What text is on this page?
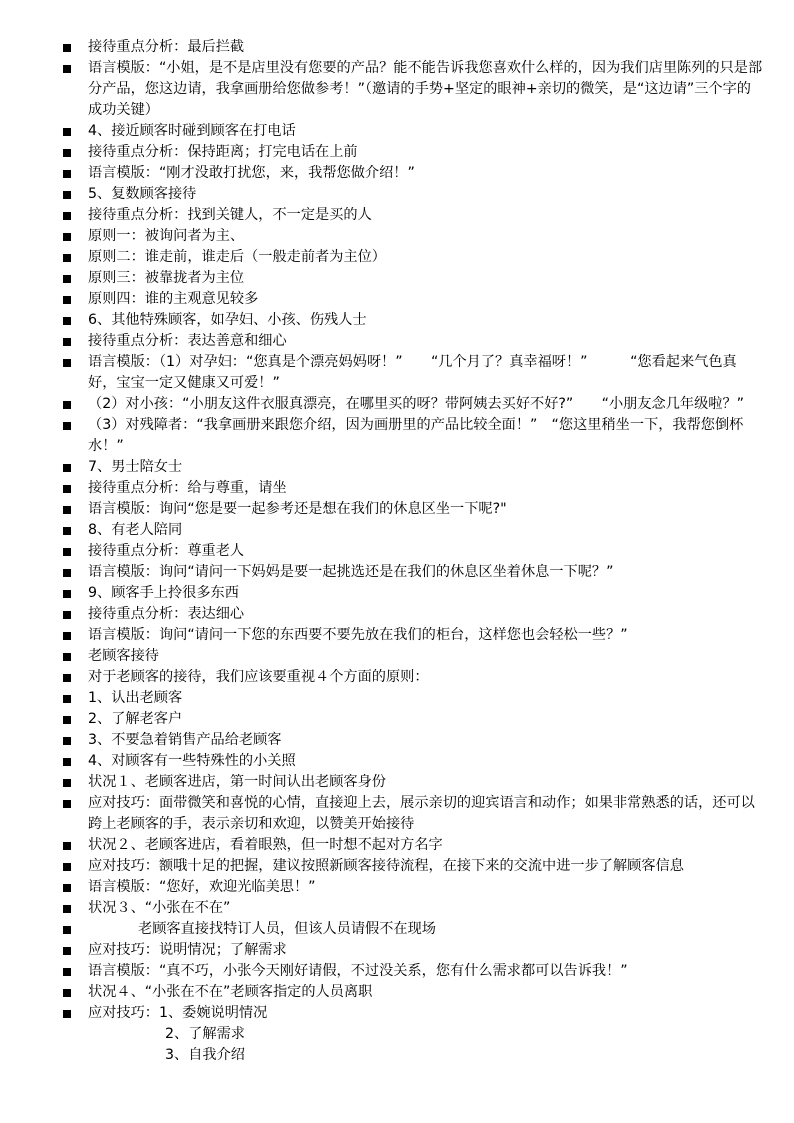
接待重点分析：最后拦截
语言模版：“小姐，是不是店里没有您要的产品？能不能告诉我您喜欢什么样的，因为我们店里陈列的只是部分产品，您这边请，我拿画册给您做参考！”（邀请的手势+坚定的眼神+亲切的微笑，是“这边请”三个字的成功关键）
4、接近顾客时碰到顾客在打电话
接待重点分析：保持距离；打完电话在上前
语言模版：“刚才没敢打扰您，来，我帮您做介绍！”
5、复数顾客接待
接待重点分析：找到关键人，不一定是买的人
原则一：被询问者为主、
原则二：谁走前，谁走后（一般走前者为主位）
原则三：被靠拢者为主位
原则四：谁的主观意见较多
6、其他特殊顾客，如孕妇、小孩、伤残人士
接待重点分析：表达善意和细心
语言模版：（1）对孕妇：“您真是个漂亮妈妈呀！”　　“几个月了？真幸福呀！”　　　“您看起来气色真好，宝宝一定又健康又可爱！”
（2）对小孩：“小朋友这件衣服真漂亮，在哪里买的呀？带阿姨去买好不好?”　　“小朋友念几年级啦？”
（3）对残障者：“我拿画册来跟您介绍，因为画册里的产品比较全面！”　“您这里稍坐一下，我帮您倒杯水！”
7、男士陪女士
接待重点分析：给与尊重，请坐
语言模版：询问“您是要一起参考还是想在我们的休息区坐一下呢?"
8、有老人陪同
接待重点分析：尊重老人
语言模版：询问“请问一下妈妈是要一起挑选还是在我们的休息区坐着休息一下呢？”
9、顾客手上拎很多东西
接待重点分析：表达细心
语言模版：询问“请问一下您的东西要不要先放在我们的柜台，这样您也会轻松一些？”
老顾客接待
对于老顾客的接待，我们应该要重视４个方面的原则：
1、认出老顾客
2、了解老客户
3、不要急着销售产品给老顾客
4、对顾客有一些特殊性的小关照
状况１、老顾客进店，第一时间认出老顾客身份
应对技巧：面带微笑和喜悦的心情，直接迎上去，展示亲切的迎宾语言和动作；如果非常熟悉的话，还可以跨上老顾客的手，表示亲切和欢迎，以赞美开始接待
状况２、老顾客进店，看着眼熟，但一时想不起对方名字
应对技巧：额哦十足的把握，建议按照新顾客接待流程，在接下来的交流中进一步了解顾客信息
语言模版：“您好，欢迎光临美思！”
状况３、“小张在不在”
老顾客直接找特订人员，但该人员请假不在现场
应对技巧：说明情况；了解需求
语言模版：“真不巧，小张今天刚好请假，不过没关系，您有什么需求都可以告诉我！”
状况４、“小张在不在”老顾客指定的人员离职
应对技巧：1、委婉说明情况
2、了解需求
3、自我介绍
